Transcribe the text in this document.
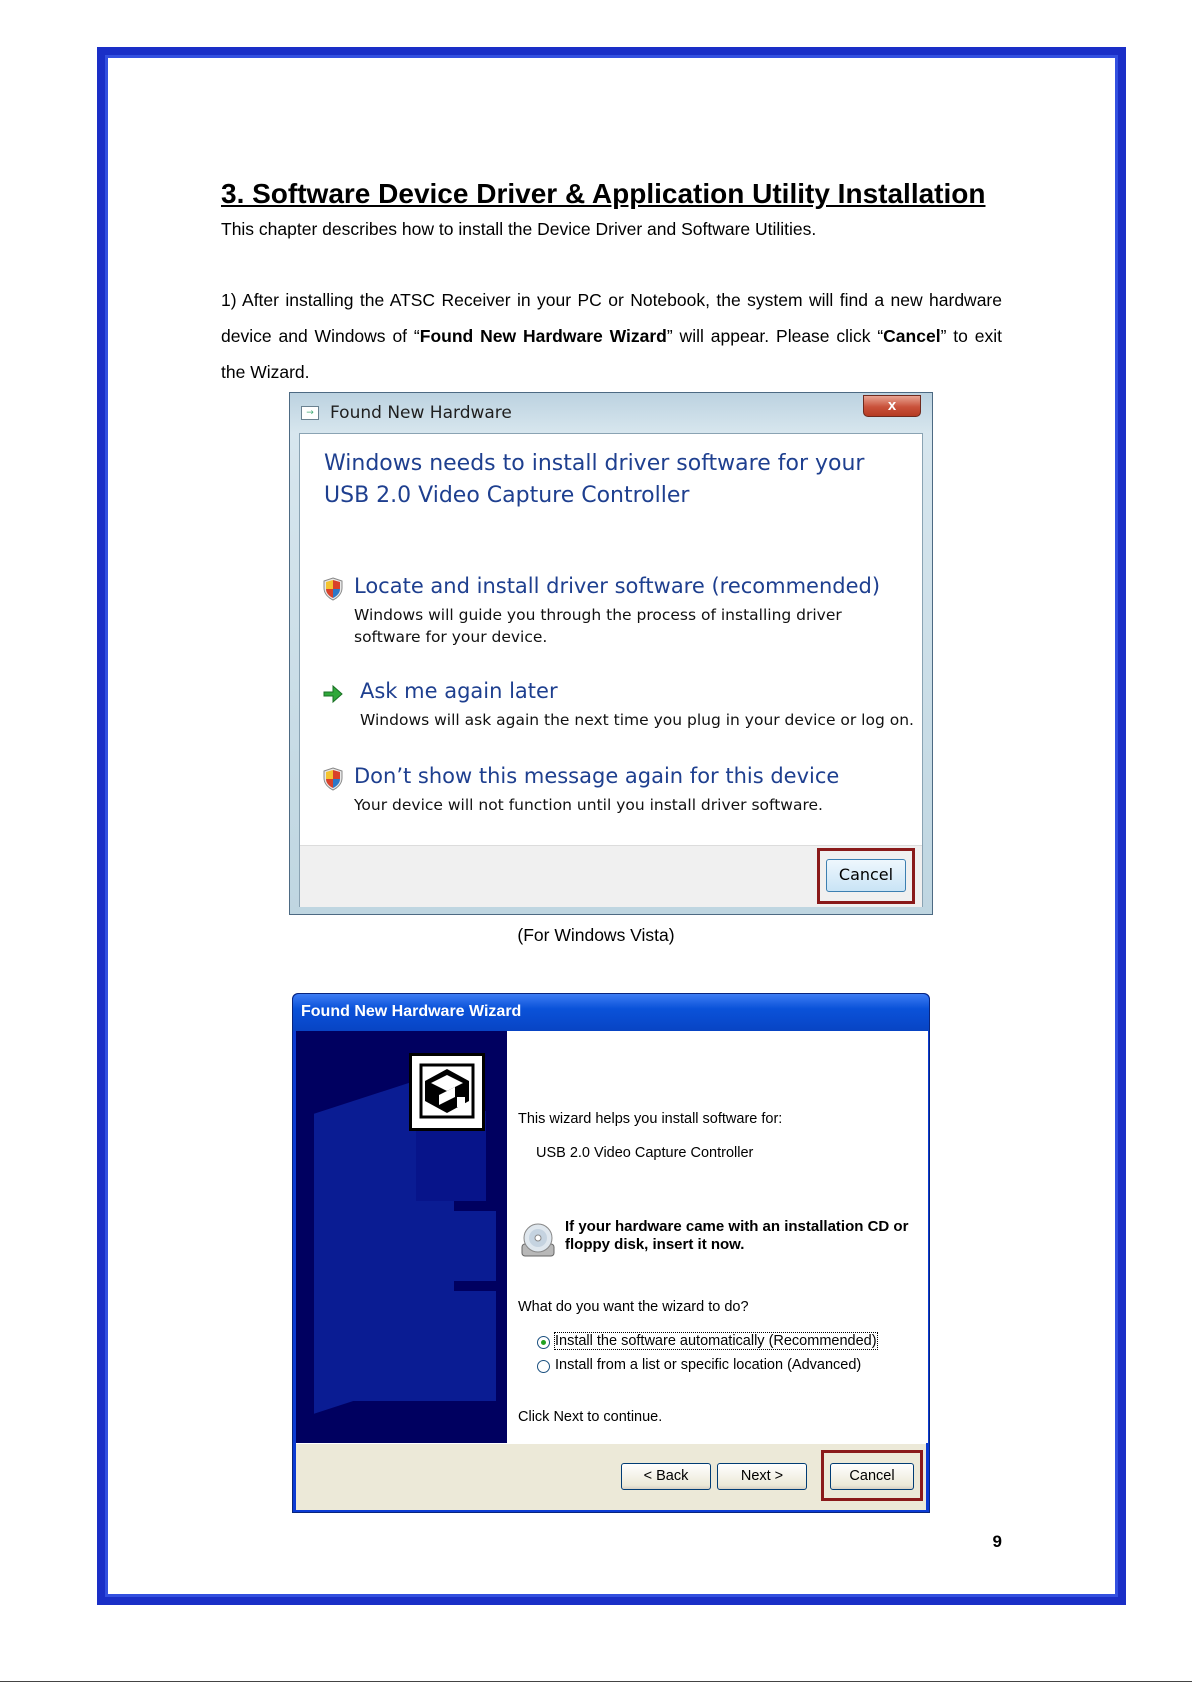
3. Software Device Driver & Application Utility Installation
This chapter describes how to install the Device Driver and Software Utilities.
1) After installing the ATSC Receiver in your PC or Notebook, the system will find a new hardware device and Windows of “Found New Hardware Wizard” will appear. Please click “Cancel” to exit the Wizard.
→ Found New Hardware	x
Windows needs to install driver software for your USB 2.0 Video Capture Controller
Locate and install driver software (recommended)
Windows will guide you through the process of installing driver software for your device.
Ask me again later
Windows will ask again the next time you plug in your device or log on.
Don’t show this message again for this device
Your device will not function until you install driver software.
Cancel
(For Windows Vista)
Found New Hardware Wizard
This wizard helps you install software for:
USB 2.0 Video Capture Controller
If your hardware came with an installation CD or floppy disk, insert it now.
What do you want the wizard to do?
Install the software automatically (Recommended)
Install from a list or specific location (Advanced)
Click Next to continue.
< Back	Next >	Cancel
9
